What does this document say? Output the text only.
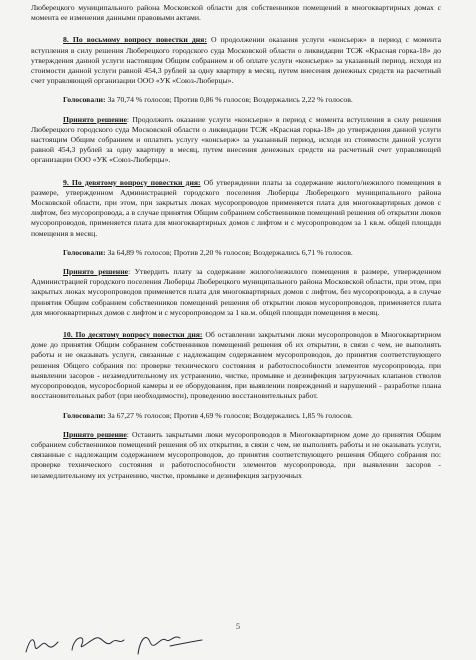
Люберецкого муниципального района Московской области для собственников помещений в многоквартирных домах с момента ее изменения данными правовыми актами.

8. По восьмому вопросу повестки дня: О продолжении оказания услуги «консьерж» в период с момента вступления в силу решения Люберецкого городского суда Московской области о ликвидации ТСЖ «Красная горка-18» до утверждения данной услуги настоящим Общим собранием и об оплате услуги «консьерж» за указанный период, исходя из стоимости данной услуги равной 454,3 рублей за одну квартиру в месяц, путем внесения денежных средств на расчетный счет управляющей организации ООО «УК «Союз-Люберцы».

Голосовали: За 70,74 % голосов; Против 0,86 % голосов; Воздержались 2,22 % голосов.

Принято решение: Продолжить оказание услуги «консьерж» в период с момента вступления в силу решения Люберецкого городского суда Московской области о ликвидации ТСЖ «Красная горка-18» до утверждения данной услуги настоящим Общим собранием и оплатить услугу «консьерж» за указанный период, исходя из стоимости данной услуги равной 454,3 рублей за одну квартиру в месяц, путем внесения денежных средств на расчетный счет управляющей организации ООО «УК «Союз-Люберцы».

9. По девятому вопросу повестки дня: Об утверждении платы за содержание жилого/нежилого помещения в размере, утвержденном Администрацией городского поселения Люберцы Люберецкого муниципального района Московской области, при этом, при закрытых люках мусоропроводов применяется плата для многоквартирных домов с лифтом, без мусоропровода, а в случае принятия Общим собранием собственников помещений решения об открытии люков мусоропроводов, применяется плата для многоквартирных домов с лифтом и с мусоропроводом за 1 кв.м. общей площади помещения в месяц.

Голосовали: За 64,89 % голосов; Против 2,20 % голосов; Воздержались 6,71 % голосов.

Принято решение: Утвердить плату за содержание жилого/нежилого помещения в размере, утвержденном Администрацией городского поселения Люберцы Люберецкого муниципального района Московской области, при этом, при закрытых люках мусоропроводов применяется плата для многоквартирных домов с лифтом, без мусоропровода, а в случае принятия Общим собранием собственников помещений решения об открытии люков мусоропроводов, применяется плата для многоквартирных домов с лифтом и с мусоропроводом за 1 кв.м. общей площади помещения в месяц.

10. По десятому вопросу повестки дня: Об оставлении закрытыми люки мусоропроводов в Многоквартирном доме до принятия Общим собранием собственников помещений решения об их открытии, в связи с чем, не выполнять работы и не оказывать услуги, связанные с надлежащим содержанием мусоропроводов, до принятия соответствующего решения Общего собрания по: проверке технического состояния и работоспособности элементов мусоропровода, при выявлении засоров - незамедлительному их устранению, чистке, промывке и дезинфекция загрузочных клапанов стволов мусоропроводов, мусоросборной камеры и ее оборудования, при выявлении повреждений и нарушений - разработке плана восстановительных работ (при необходимости), проведению восстановительных работ.

Голосовали: За 67,27 % голосов; Против 4,69 % голосов; Воздержались 1,85 % голосов.

Принято решение: Оставить закрытыми люки мусоропроводов в Многоквартирном доме до принятия Общим собранием собственников помещений решения об их открытии, в связи с чем, не выполнять работы и не оказывать услуги, связанные с надлежащим содержанием мусоропроводов, до принятия соответствующего решения Общего собрания по: проверке технического состояния и работоспособности элементов мусоропровода, при выявлении засоров - незамедлительному их устранению, чистке, промывке и дезинфекция загрузочных

5
